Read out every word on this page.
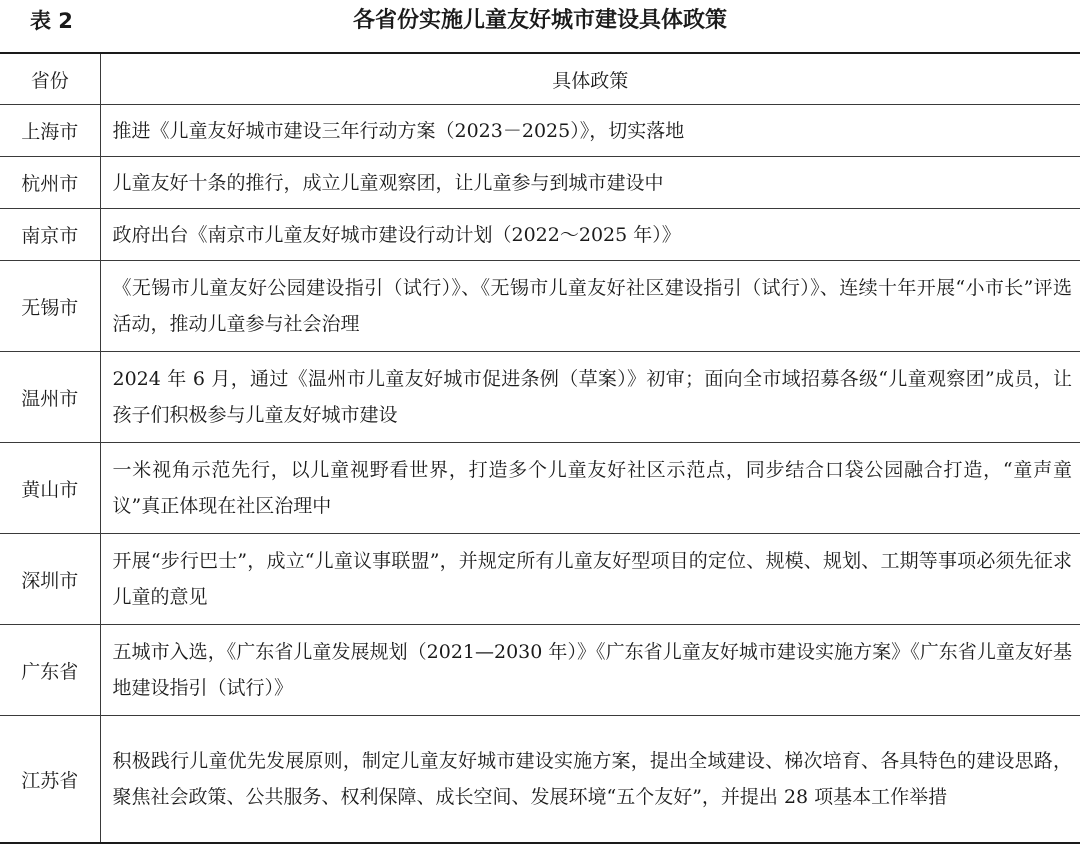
表 2	各省份实施儿童友好城市建设具体政策
省份	具体政策
上海市	推进《儿童友好城市建设三年行动方案（2023－2025）》，切实落地
杭州市	儿童友好十条的推行，成立儿童观察团，让儿童参与到城市建设中
南京市	政府出台《南京市儿童友好城市建设行动计划（2022～2025 年）》
无锡市	《无锡市儿童友好公园建设指引（试行）》、《无锡市儿童友好社区建设指引（试行）》、连续十年开展“小市长”评选活动，推动儿童参与社会治理
温州市	2024 年 6 月，通过《温州市儿童友好城市促进条例（草案）》初审；面向全市域招募各级“儿童观察团”成员，让孩子们积极参与儿童友好城市建设
黄山市	一米视角示范先行，以儿童视野看世界，打造多个儿童友好社区示范点，同步结合口袋公园融合打造，“童声童议”真正体现在社区治理中
深圳市	开展“步行巴士”，成立“儿童议事联盟”，并规定所有儿童友好型项目的定位、规模、规划、工期等事项必须先征求儿童的意见
广东省	五城市入选，《广东省儿童发展规划（2021—2030 年）》《广东省儿童友好城市建设实施方案》《广东省儿童友好基地建设指引（试行）》
江苏省	积极践行儿童优先发展原则，制定儿童友好城市建设实施方案，提出全域建设、梯次培育、各具特色的建设思路，聚焦社会政策、公共服务、权利保障、成长空间、发展环境“五个友好”，并提出 28 项基本工作举措
